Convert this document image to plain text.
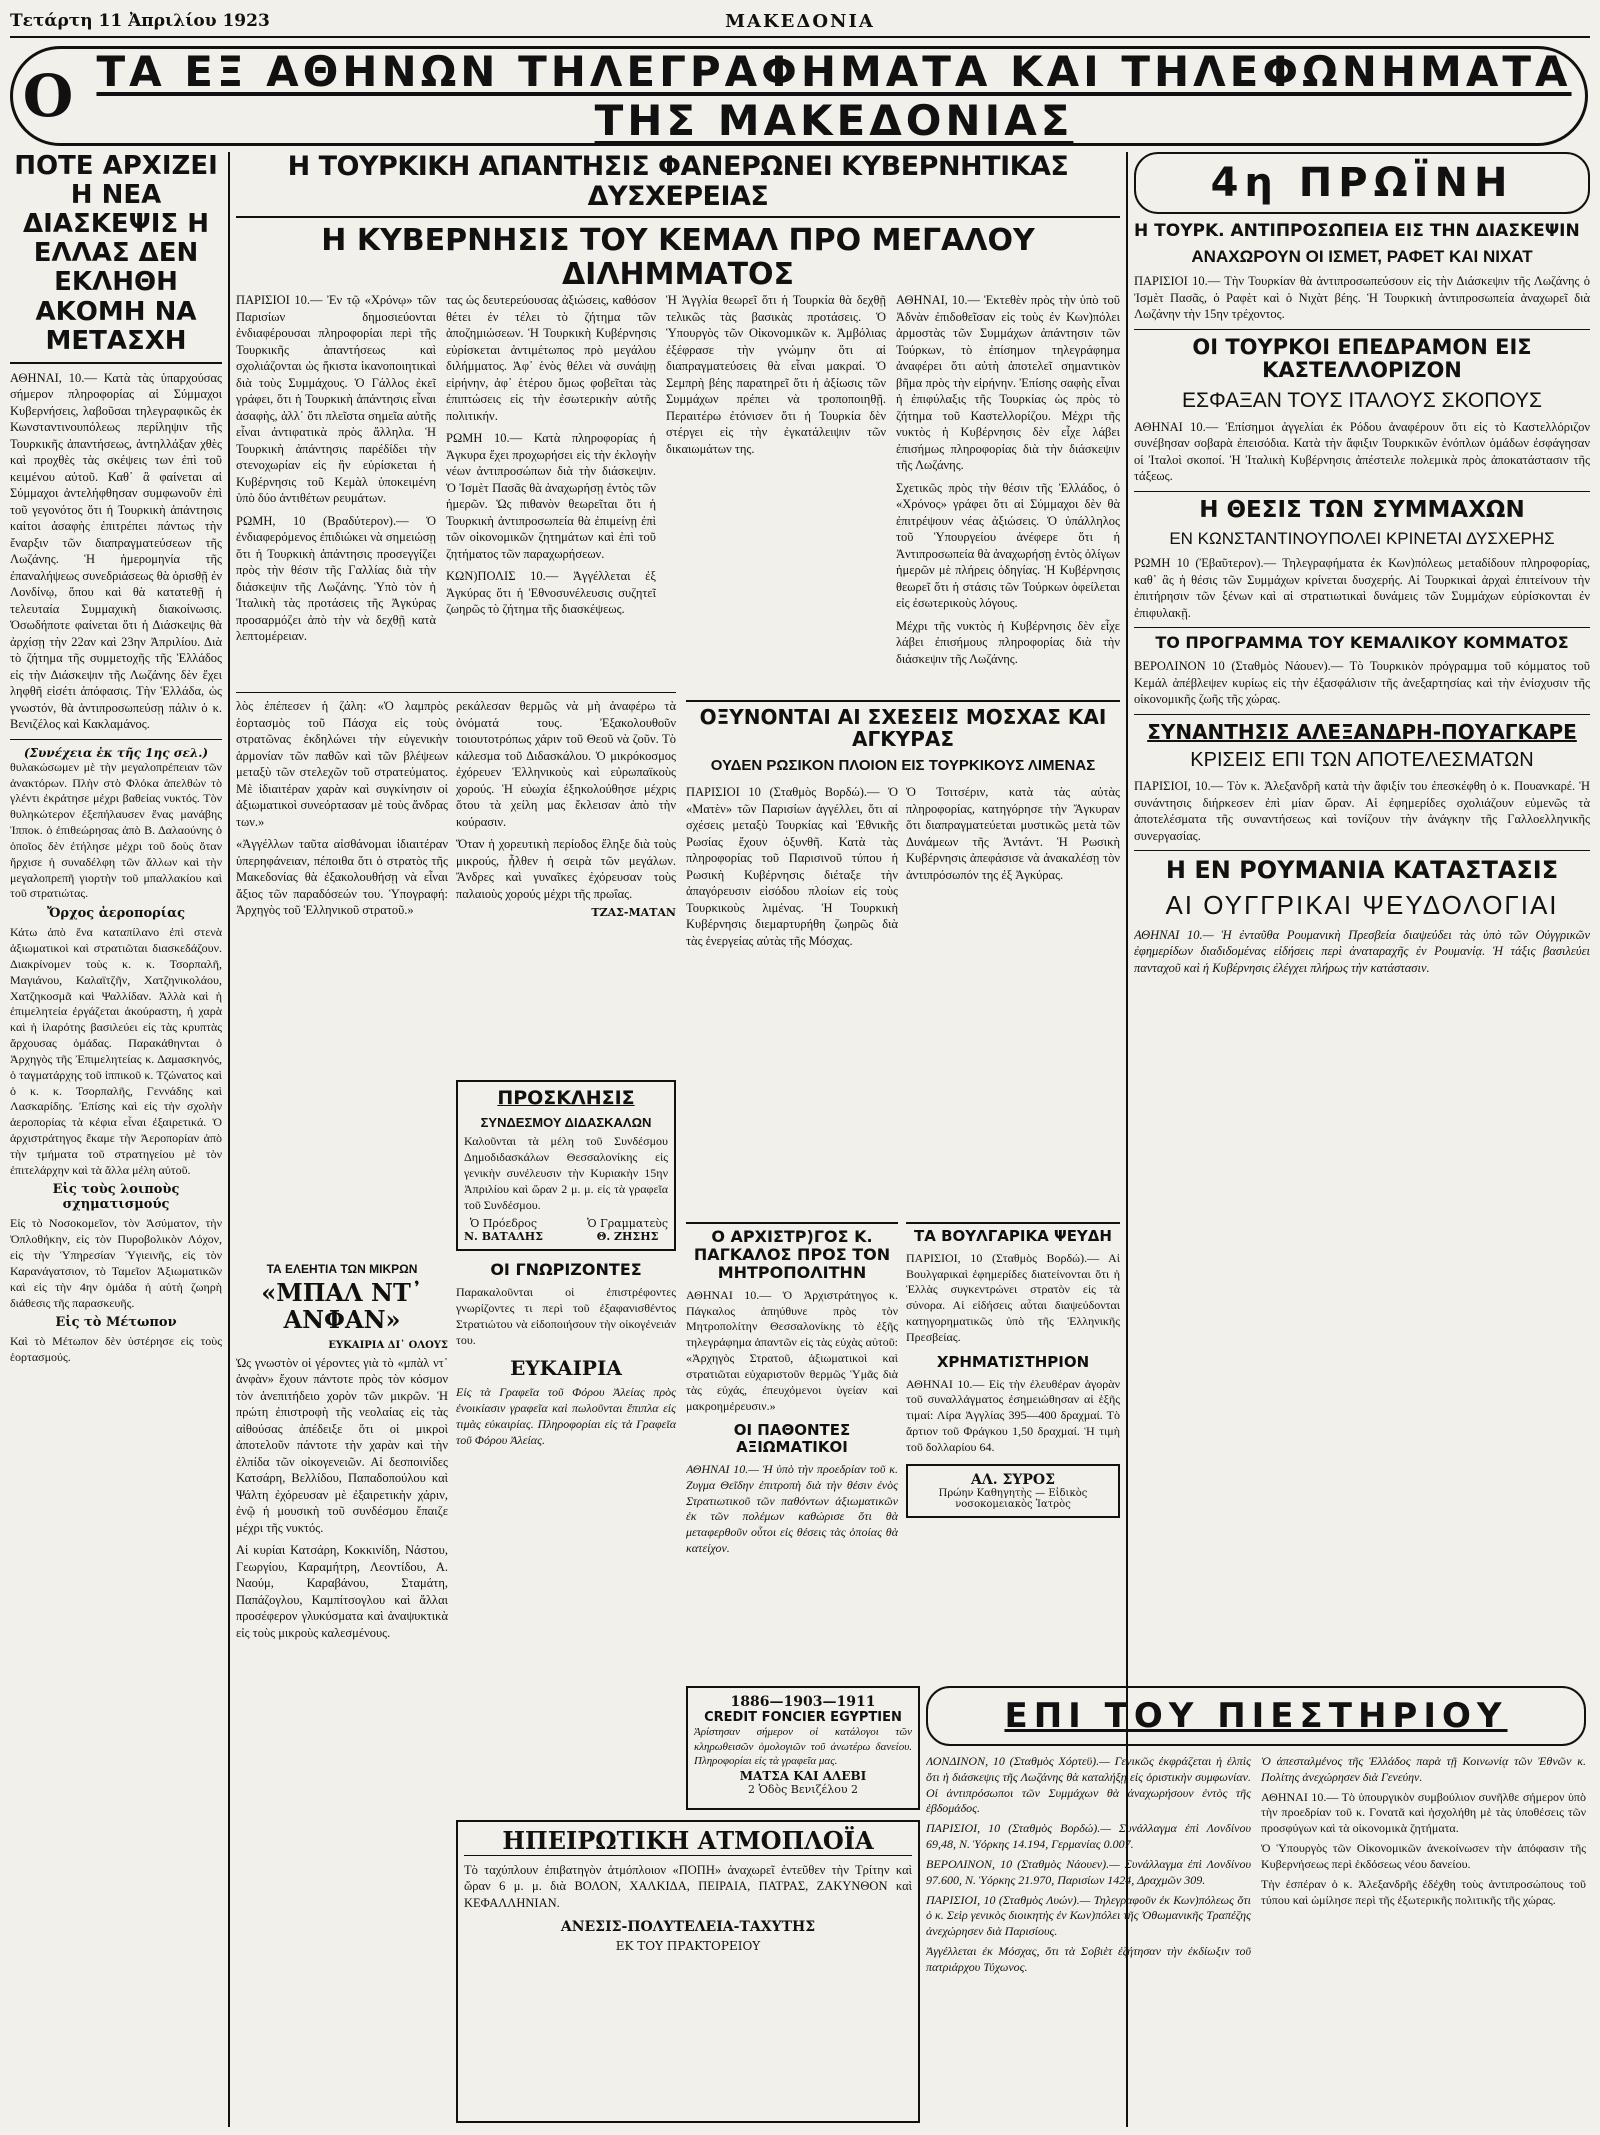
Τετάρτη 11 Ἀπριλίου 1923	ΜΑΚΕΔΟΝΙΑ
Ο ΤΑ ΕΞ ΑΘΗΝΩΝ ΤΗΛΕΓΡΑΦΗΜΑΤΑ ΚΑΙ ΤΗΛΕΦΩΝΗΜΑΤΑ ΤΗΣ ΜΑΚΕΔΟΝΙΑΣ
ΠΟΤΕ ΑΡΧΙΖΕΙ Η ΝΕΑ ΔΙΑΣΚΕΨΙΣ Η ΕΛΛΑΣ ΔΕΝ ΕΚΛΗΘΗ ΑΚΟΜΗ ΝΑ ΜΕΤΑΣΧΗ

ΑΘΗΝΑΙ, 10.— Κατὰ τὰς ὑπαρχούσας σήμερον πληροφορίας αἱ Σύμμαχοι Κυβερνήσεις, λαβοῦσαι τηλεγραφικῶς ἐκ Κωνσταντινουπόλεως περίληψιν τῆς Τουρκικῆς ἀπαντήσεως, ἀντηλλάξαν χθὲς καὶ προχθὲς τὰς σκέψεις των ἐπὶ τοῦ κειμένου αὐτοῦ. Καθ᾽ ἃ φαίνεται αἱ Σύμμαχοι ἀντελήφθησαν συμφωνοῦν ἐπὶ τοῦ γεγονότος ὅτι ἡ Τουρκικὴ ἀπάντησις καίτοι ἀσαφὴς ἐπιτρέπει πάντως τὴν ἔναρξιν τῶν διαπραγματεύσεων τῆς Λωζάνης. Ἡ ἡμερομηνία τῆς ἐπαναλήψεως συνεδριάσεως θὰ ὁρισθῇ ἐν Λονδίνῳ, ὅπου καὶ θὰ κατατεθῇ ἡ τελευταία Συμμαχικὴ διακοίνωσις. Ὁσωδήποτε φαίνεται ὅτι ἡ Διάσκεψις θὰ ἀρχίσῃ τὴν 22αν καὶ 23ην Ἀπριλίου. Διὰ τὸ ζήτημα τῆς συμμετοχῆς τῆς Ἑλλάδος εἰς τὴν Διάσκεψιν τῆς Λωζάνης δὲν ἔχει ληφθῆ εἰσέτι ἀπόφασις. Τὴν Ἑλλάδα, ὡς γνωστόν, θὰ ἀντιπροσωπεύσῃ πάλιν ὁ κ. Βενιζέλος καὶ Κακλαμάνος.

(Συνέχεια ἐκ τῆς 1ης σελ.)

θυλακώσωμεν μὲ τὴν μεγαλοπρέπειαν τῶν ἀνακτόρων. Πλὴν στὸ Φλόκα ἀπελθὼν τὸ γλέντι ἐκράτησε μέχρι βαθείας νυκτός. Τὸν θυληκώτερον ἐξεπήλαυσεν ἕνας μανάβης Ἰπποκ. ὁ ἐπιθεώρησας ἀπὸ Β. Δαλαούνης ὁ ὁποῖος δὲν ἐτήλησε μέχρι τοῦ δοὺς ὅταν ἤρχισε ἡ συναδέλφη τῶν ἄλλων καὶ τὴν μεγαλοπρεπῆ γιορτὴν τοῦ μπαλλακίου καὶ τοῦ στρατιώτας.

Ὄρχος ἀεροπορίας

Κάτω ἀπὸ ἕνα καταπίλανο ἐπὶ στενὰ ἀξιωματικοὶ καὶ στρατιῶται διασκεδάζουν. Διακρίνομεν τοὺς κ. κ. Τσορπαλῆ, Μαγιάνου, Καλαϊτζῆν, Χατζηνικολάου, Χατζηκοσμᾶ καὶ Ψαλλίδαν. Ἀλλὰ καὶ ἡ ἐπιμελητεία ἐργάζεται ἀκούραστη, ἡ χαρὰ καὶ ἡ ἱλαρότης βασιλεύει εἰς τὰς κρυπτὰς ἄρχουσας ὁμάδας. Παρακάθηνται ὁ Ἀρχηγὸς τῆς Ἐπιμελητείας κ. Δαμασκηνός, ὁ ταγματάρχης τοῦ ἱππικοῦ κ. Τζώνατος καὶ ὁ κ. κ. Τσορπαλῆς, Γεννάδης καὶ Λασκαρίδης. Ἐπίσης καὶ εἰς τὴν σχολὴν ἀεροπορίας τὰ κέφια εἶναι ἐξαιρετικά. Ὁ ἀρχιστράτηγος ἔκαμε τὴν Ἀεροπορίαν ἀπὸ τὴν τμήματα τοῦ στρατηγείου μὲ τὸν ἐπιτελάρχην καὶ τὰ ἄλλα μέλη αὐτοῦ.

Εἰς τοὺς λοιποὺς σχηματισμούς

Εἰς τὸ Νοσοκομεῖον, τὸν Ἀσύματον, τὴν Ὀπλοθήκην, εἰς τὸν Πυροβολικὸν Λόχον, εἰς τὴν Ὑπηρεσίαν Ὑγιεινῆς, εἰς τὸν Καρανάγατσιον, τὸ Ταμεῖον Ἀξιωματικῶν καὶ εἰς τὴν 4ην ὁμάδα ἡ αὐτὴ ζωηρὴ διάθεσις τῆς παρασκευῆς.

Εἰς τὸ Μέτωπον

Καὶ τὸ Μέτωπον δὲν ὑστέρησε εἰς τοὺς ἑορτασμούς.

Η ΤΟΥΡΚΙΚΗ ΑΠΑΝΤΗΣΙΣ ΦΑΝΕΡΩΝΕΙ ΚΥΒΕΡΝΗΤΙΚΑΣ ΔΥΣΧΕΡΕΙΑΣ
Η ΚΥΒΕΡΝΗΣΙΣ ΤΟΥ ΚΕΜΑΛ ΠΡΟ ΜΕΓΑΛΟΥ ΔΙΛΗΜΜΑΤΟΣ

ΠΑΡΙΣΙΟΙ 10.— Ἐν τῷ «Χρόνῳ» τῶν Παρισίων δημοσιεύονται ἐνδιαφέρουσαι πληροφορίαι περὶ τῆς Τουρκικῆς ἀπαντήσεως καὶ σχολιάζονται ὡς ἥκιστα ἱκανοποιητικαὶ διὰ τοὺς Συμμάχους. Ὁ Γάλλος ἐκεῖ γράφει, ὅτι ἡ Τουρκικὴ ἀπάντησις εἶναι ἀσαφὴς, ἀλλ᾽ ὅτι πλεῖστα σημεῖα αὐτῆς εἶναι ἀντιφατικὰ πρὸς ἄλληλα. Ἡ Τουρκικὴ ἀπάντησις παρέδίδει τὴν στενοχωρίαν εἰς ἣν εὑρίσκεται ἡ Κυβέρνησις τοῦ Κεμὰλ ὑποκειμένη ὑπὸ δύο ἀντιθέτων ρευμάτων.

ΡΩΜΗ, 10 (Βραδύτερον).— Ὁ ἐνδιαφερόμενος ἐπιδιώκει νὰ σημειώσῃ ὅτι ἡ Τουρκικὴ ἀπάντησις προσεγγίζει πρὸς τὴν θέσιν τῆς Γαλλίας διὰ τὴν διάσκεψιν τῆς Λωζάνης. Ὑπὸ τὸν ἡ Ἰταλικὴ τὰς προτάσεις τῆς Ἀγκύρας προσαρμόζει ἀπὸ τὴν νὰ δεχθῇ κατὰ λεπτομέρειαν.

τας ὡς δευτερεύουσας ἀξιώσεις, καθόσον θέτει ἐν τέλει τὸ ζήτημα τῶν ἀποζημιώσεων. Ἡ Τουρκικὴ Κυβέρνησις εὑρίσκεται ἀντιμέτωπος πρὸ μεγάλου διλήμματος. Ἀφ᾽ ἑνὸς θέλει νὰ συνάψῃ εἰρήνην, ἀφ᾽ ἑτέρου ὅμως φοβεῖται τὰς ἐπιπτώσεις εἰς τὴν ἐσωτερικὴν αὐτῆς πολιτικήν.

ΡΩΜΗ 10.— Κατὰ πληροφορίας ἡ Ἀγκυρα ἔχει προχωρήσει εἰς τὴν ἐκλογὴν νέων ἀντιπροσώπων διὰ τὴν διάσκεψιν. Ὁ Ἰσμὲτ Πασᾶς θὰ ἀναχωρήσῃ ἐντὸς τῶν ἡμερῶν. Ὡς πιθανὸν θεωρεῖται ὅτι ἡ Τουρκικὴ ἀντιπροσωπεία θὰ ἐπιμείνῃ ἐπὶ τῶν οἰκονομικῶν ζητημάτων καὶ ἐπὶ τοῦ ζητήματος τῶν παραχωρήσεων.

ΚΩΝ)ΠΟΛΙΣ 10.— Ἀγγέλλεται ἐξ Ἀγκύρας ὅτι ἡ Ἐθνοσυνέλευσις συζητεῖ ζωηρῶς τὸ ζήτημα τῆς διασκέψεως.

Ἡ Ἀγγλία θεωρεῖ ὅτι ἡ Τουρκία θὰ δεχθῇ τελικῶς τὰς βασικὰς προτάσεις. Ὁ Ὑπουργὸς τῶν Οἰκονομικῶν κ. Ἀμβόλιας ἐξέφρασε τὴν γνώμην ὅτι αἱ διαπραγματεύσεις θὰ εἶναι μακραί. Ὁ Σεμπρὴ βέης παρατηρεῖ ὅτι ἡ ἀξίωσις τῶν Συμμάχων πρέπει νὰ τροποποιηθῇ. Περαιτέρω ἐτόνισεν ὅτι ἡ Τουρκία δὲν στέργει εἰς τὴν ἐγκατάλειψιν τῶν δικαιωμάτων της.

ΑΘΗΝΑΙ, 10.— Ἐκτεθὲν πρὸς τὴν ὑπὸ τοῦ Ἀδνὰν ἐπιδοθεῖσαν εἰς τοὺς ἐν Κων)πόλει ἀρμοστὰς τῶν Συμμάχων ἀπάντησιν τῶν Τούρκων, τὸ ἐπίσημον τηλεγράφημα ἀναφέρει ὅτι αὐτὴ ἀποτελεῖ σημαντικὸν βῆμα πρὸς τὴν εἰρήνην. Ἐπίσης σαφὴς εἶναι ἡ ἐπιφύλαξις τῆς Τουρκίας ὡς πρὸς τὸ ζήτημα τοῦ Καστελλορίζου. Μέχρι τῆς νυκτὸς ἡ Κυβέρνησις δὲν εἶχε λάβει ἐπισήμως πληροφορίας διὰ τὴν διάσκεψιν τῆς Λωζάνης.

Σχετικῶς πρὸς τὴν θέσιν τῆς Ἑλλάδος, ὁ «Χρόνος» γράφει ὅτι αἱ Σύμμαχοι δὲν θὰ ἐπιτρέψουν νέας ἀξιώσεις. Ὁ ὑπάλληλος τοῦ Ὑπουργείου ἀνέφερε ὅτι ἡ Ἀντιπροσωπεία θὰ ἀναχωρήσῃ ἐντὸς ὀλίγων ἡμερῶν μὲ πλήρεις ὁδηγίας. Ἡ Κυβέρνησις θεωρεῖ ὅτι ἡ στάσις τῶν Τούρκων ὀφείλεται εἰς ἐσωτερικοὺς λόγους.

Μέχρι τῆς νυκτὸς ἡ Κυβέρνησις δὲν εἶχε λάβει ἐπισήμους πληροφορίας διὰ τὴν διάσκεψιν τῆς Λωζάνης.

λὸς ἐπέπεσεν ἡ ζάλη: «Ὁ λαμπρὸς ἑορτασμὸς τοῦ Πάσχα εἰς τοὺς στρατῶνας ἐκδηλώνει τὴν εὐγενικὴν ἁρμονίαν τῶν παθῶν καὶ τῶν βλέψεων μεταξὺ τῶν στελεχῶν τοῦ στρατεύματος. Μὲ ἰδιαιτέραν χαρὰν καὶ συγκίνησιν οἱ ἀξιωματικοὶ συνεόρτασαν μὲ τοὺς ἄνδρας των.»

«Ἀγγέλλων ταῦτα αἰσθάνομαι ἰδιαιτέραν ὑπερηφάνειαν, πέποιθα ὅτι ὁ στρατὸς τῆς Μακεδονίας θὰ ἐξακολουθήσῃ νὰ εἶναι ἄξιος τῶν παραδόσεών του. Ὑπογραφή: Ἀρχηγὸς τοῦ Ἑλληνικοῦ στρατοῦ.»

ρεκάλεσαν θερμῶς νὰ μὴ ἀναφέρω τὰ ὀνόματά τους. Ἐξακολουθοῦν τοιουτοτρόπως χάριν τοῦ Θεοῦ νὰ ζοῦν. Τὸ κάλεσμα τοῦ Διδασκάλου. Ὁ μικρόκοσμος ἐχόρευεν Ἑλληνικοὺς καὶ εὐρωπαϊκοὺς χορούς. Ἡ εὐωχία ἐξηκολούθησε μέχρις ὅτου τὰ χείλη μας ἔκλεισαν ἀπὸ τὴν κούρασιν.

Ὅταν ἡ χορευτικὴ περίοδος ἔληξε διὰ τοὺς μικρούς, ἦλθεν ἡ σειρὰ τῶν μεγάλων. Ἄνδρες καὶ γυναῖκες ἐχόρευσαν τοὺς παλαιοὺς χορούς μέχρι τῆς πρωΐας.

ΤΖΑΣ-ΜΑΤΑΝ
ΤΑ ΕΛΕΗΤΙΑ ΤΩΝ ΜΙΚΡΩΝ
«ΜΠΑΛ ΝΤ᾽ ΑΝΦΑΝ»
ΕΥΚΑΙΡΙΑ ΔΙ᾽ ΟΛΟΥΣ

Ὡς γνωστὸν οἱ γέροντες γιὰ τὸ «μπὰλ ντ᾽ ἀνφὰν» ἔχουν πάντοτε πρὸς τὸν κόσμον τὸν ἀνεπιτήδειο χορὸν τῶν μικρῶν. Ἡ πρώτη ἐπιστροφὴ τῆς νεολαίας εἰς τὰς αἰθούσας ἀπέδειξε ὅτι οἱ μικροὶ ἀποτελοῦν πάντοτε τὴν χαρὰν καὶ τὴν ἐλπίδα τῶν οἰκογενειῶν. Αἱ δεσποινίδες Κατσάρη, Βελλίδου, Παπαδοπούλου καὶ Ψάλτη ἐχόρευσαν μὲ ἐξαιρετικὴν χάριν, ἐνῷ ἡ μουσικὴ τοῦ συνδέσμου ἔπαιζε μέχρι τῆς νυκτός.

Αἱ κυρίαι Κατσάρη, Κοκκινίδη, Νάστου, Γεωργίου, Καραμήτρη, Λεοντίδου, Α. Ναούμ, Καραβάνου, Σταμάτη, Παπάζογλου, Καμπίτσογλου καὶ ἄλλαι προσέφερον γλυκύσματα καὶ ἀναψυκτικὰ εἰς τοὺς μικροὺς καλεσμένους.

ΠΡΟΣΚΛΗΣΙΣ
ΣΥΝΔΕΣΜΟΥ ΔΙΔΑΣΚΑΛΩΝ

Καλοῦνται τὰ μέλη τοῦ Συνδέσμου Δημοδιδασκάλων Θεσσαλονίκης εἰς γενικὴν συνέλευσιν τὴν Κυριακὴν 15ην Ἀπριλίου καὶ ὥραν 2 μ. μ. εἰς τὰ γραφεῖα τοῦ Συνδέσμου.

Ὁ Πρόεδρος
Ν. ΒΑΤΑΛΗΣ
Ὁ Γραμματεὺς
Θ. ΖΗΣΗΣ
ΟΙ ΓΝΩΡΙΖΟΝΤΕΣ

Παρακαλοῦνται οἱ ἐπιστρέφοντες γνωρίζοντες τι περὶ τοῦ ἐξαφανισθέντος Στρατιώτου νὰ εἰδοποιήσουν τὴν οἰκογένειάν του.

ΕΥΚΑΙΡΙΑ

Εἰς τὰ Γραφεῖα τοῦ Φόρου Ἀλείας πρὸς ἐνοικίασιν γραφεῖα καὶ πωλοῦνται ἔπιπλα εἰς τιμὰς εὐκαιρίας. Πληροφορίαι εἰς τὰ Γραφεῖα τοῦ Φόρου Ἀλείας.

ΟΞΥΝΟΝΤΑΙ ΑΙ ΣΧΕΣΕΙΣ ΜΟΣΧΑΣ ΚΑΙ ΑΓΚΥΡΑΣ
ΟΥΔΕΝ ΡΩΣΙΚΟΝ ΠΛΟΙΟΝ ΕΙΣ ΤΟΥΡΚΙΚΟΥΣ ΛΙΜΕΝΑΣ

ΠΑΡΙΣΙΟΙ 10 (Σταθμὸς Βορδώ).— Ὁ «Ματὲν» τῶν Παρισίων ἀγγέλλει, ὅτι αἱ σχέσεις μεταξὺ Τουρκίας καὶ Ἐθνικῆς Ρωσίας ἔχουν ὀξυνθῆ. Κατὰ τὰς πληροφορίας τοῦ Παρισινοῦ τύπου ἡ Ρωσικὴ Κυβέρνησις διέταξε τὴν ἀπαγόρευσιν εἰσόδου πλοίων εἰς τοὺς Τουρκικοὺς λιμένας. Ἡ Τουρκικὴ Κυβέρνησις διεμαρτυρήθη ζωηρῶς διὰ τὰς ἐνεργείας αὐτὰς τῆς Μόσχας.

Ὁ Τσιτσέριν, κατὰ τὰς αὐτὰς πληροφορίας, κατηγόρησε τὴν Ἄγκυραν ὅτι διαπραγματεύεται μυστικῶς μετὰ τῶν Δυνάμεων τῆς Ἀντάντ. Ἡ Ρωσικὴ Κυβέρνησις ἀπεφάσισε νὰ ἀνακαλέσῃ τὸν ἀντιπρόσωπόν της ἐξ Ἀγκύρας.

Ο ΑΡΧΙΣΤΡ)ΓΟΣ Κ. ΠΑΓΚΑΛΟΣ ΠΡΟΣ ΤΟΝ ΜΗΤΡΟΠΟΛΙΤΗΝ

ΑΘΗΝΑΙ 10.— Ὁ Ἀρχιστράτηγος κ. Πάγκαλος ἀπηύθυνε πρὸς τὸν Μητροπολίτην Θεσσαλονίκης τὸ ἑξῆς τηλεγράφημα ἀπαντῶν εἰς τὰς εὐχὰς αὐτοῦ: «Ἀρχηγὸς Στρατοῦ, ἀξιωματικοὶ καὶ στρατιῶται εὐχαριστοῦν θερμῶς Ὑμᾶς διὰ τὰς εὐχάς, ἐπευχόμενοι ὑγείαν καὶ μακροημέρευσιν.»

ΟΙ ΠΑΘΟΝΤΕΣ ΑΞΙΩΜΑΤΙΚΟΙ

ΑΘΗΝΑΙ 10.— Ἡ ὑπὸ τὴν προεδρίαν τοῦ κ. Ζυγμα Θεῖδην ἐπιτροπὴ διὰ τὴν θέσιν ἐνὸς Στρατιωτικοῦ τῶν παθόντων ἀξιωματικῶν ἐκ τῶν πολέμων καθώρισε ὅτι θὰ μεταφερθοῦν οὗτοι εἰς θέσεις τὰς ὁποίας θὰ κατείχον.

ΤΑ ΒΟΥΛΓΑΡΙΚΑ ΨΕΥΔΗ

ΠΑΡΙΣΙΟΙ, 10 (Σταθμὸς Βορδώ).— Αἱ Βουλγαρικαὶ ἐφημερίδες διατείνονται ὅτι ἡ Ἑλλὰς συγκεντρώνει στρατὸν εἰς τὰ σύνορα. Αἱ εἰδήσεις αὗται διαψεύδονται κατηγορηματικῶς ὑπὸ τῆς Ἑλληνικῆς Πρεσβείας.

ΧΡΗΜΑΤΙΣΤΗΡΙΟΝ

ΑΘΗΝΑΙ 10.— Εἰς τὴν ἐλευθέραν ἀγορὰν τοῦ συναλλάγματος ἐσημειώθησαν αἱ ἑξῆς τιμαί: Λίρα Ἀγγλίας 395—400 δραχμαί. Τὸ ἄρτιον τοῦ Φράγκου 1,50 δραχμαί. Ἡ τιμὴ τοῦ δολλαρίου 64.

ΑΛ. ΣΥΡΟΣ
Πρώην Καθηγητὴς — Εἰδικὸς νοσοκομειακὸς Ἰατρὸς
1886—1903—1911
CREDIT FONCIER EGYPTIEN

Ἀρίστησαν σήμερον οἱ κατάλογοι τῶν κληρωθεισῶν ὁμολογιῶν τοῦ ἀνωτέρω δανείου. Πληροφορίαι εἰς τὰ γραφεῖα μας.

ΜΑΤΣΑ ΚΑΙ ΑΛΕΒΙ
2 Ὁδὸς Βενιζέλου 2
ΗΠΕΙΡΩΤΙΚΗ ΑΤΜΟΠΛΟΪΑ

Τὸ ταχύπλουν ἐπιβατηγὸν ἀτμόπλοιον «ΠΟΠΗ» ἀναχωρεῖ ἐντεῦθεν τὴν Τρίτην καὶ ὥραν 6 μ. μ. διὰ ΒΟΛΟΝ, ΧΑΛΚΙΔΑ, ΠΕΙΡΑΙΑ, ΠΑΤΡΑΣ, ΖΑΚΥΝΘΟΝ καὶ ΚΕΦΑΛΛΗΝΙΑΝ.

ΑΝΕΣΙΣ-ΠΟΛΥΤΕΛΕΙΑ-ΤΑΧΥΤΗΣ
ΕΚ ΤΟΥ ΠΡΑΚΤΟΡΕΙΟΥ
ΕΠΙ ΤΟΥ ΠΙΕΣΤΗΡΙΟΥ

ΛΟΝΔΙΝΟΝ, 10 (Σταθμὸς Χόρτεϋ).— Γενικῶς ἐκφράζεται ἡ ἐλπὶς ὅτι ἡ διάσκεψις τῆς Λωζάνης θὰ καταλήξῃ εἰς ὁριστικὴν συμφωνίαν. Οἱ ἀντιπρόσωποι τῶν Συμμάχων θὰ ἀναχωρήσουν ἐντὸς τῆς ἑβδομάδος.

ΠΑΡΙΣΙΟΙ, 10 (Σταθμὸς Βορδώ).— Συνάλλαγμα ἐπὶ Λονδίνου 69,48, Ν. Ὑόρκης 14.194, Γερμανίας 0.007.

ΒΕΡΟΛΙΝΟΝ, 10 (Σταθμὸς Νάουεν).— Συνάλλαγμα ἐπὶ Λονδίνου 97.600, Ν. Ὑόρκης 21.970, Παρισίων 1424, Δραχμῶν 309.

ΠΑΡΙΣΙΟΙ, 10 (Σταθμὸς Λυών).— Τηλεγραφοῦν ἐκ Κων)πόλεως ὅτι ὁ κ. Σεὶρ γενικὸς διοικητὴς ἐν Κων)πόλει τῆς Ὀθωμανικῆς Τραπέζης ἀνεχώρησεν διὰ Παρισίους.

Ἀγγέλλεται ἐκ Μόσχας, ὅτι τὰ Σοβιὲτ ἐζήτησαν τὴν ἐκδίωξιν τοῦ πατριάρχου Τύχωνος.

Ὁ ἀπεσταλμένος τῆς Ἑλλάδος παρὰ τῇ Κοινωνίᾳ τῶν Ἐθνῶν κ. Πολίτης ἀνεχώρησεν διὰ Γενεύην.

ΑΘΗΝΑΙ 10.— Τὸ ὑπουργικὸν συμβούλιον συνῆλθε σήμερον ὑπὸ τὴν προεδρίαν τοῦ κ. Γονατᾶ καὶ ἠσχολήθη μὲ τὰς ὑποθέσεις τῶν προσφύγων καὶ τὰ οἰκονομικὰ ζητήματα.

Ὁ Ὑπουργὸς τῶν Οἰκονομικῶν ἀνεκοίνωσεν τὴν ἀπόφασιν τῆς Κυβερνήσεως περὶ ἐκδόσεως νέου δανείου.

Τὴν ἐσπέραν ὁ κ. Ἀλεξανδρῆς ἐδέχθη τοὺς ἀντιπροσώπους τοῦ τύπου καὶ ὡμίλησε περὶ τῆς ἐξωτερικῆς πολιτικῆς τῆς χώρας.

4η ΠΡΩΪΝΗ
Η ΤΟΥΡΚ. ΑΝΤΙΠΡΟΣΩΠΕΙΑ ΕΙΣ ΤΗΝ ΔΙΑΣΚΕΨΙΝ
ΑΝΑΧΩΡΟΥΝ ΟΙ ΙΣΜΕΤ, ΡΑΦΕΤ ΚΑΙ ΝΙΧΑΤ

ΠΑΡΙΣΙΟΙ 10.— Τὴν Τουρκίαν θὰ ἀντιπροσωπεύσουν εἰς τὴν Διάσκεψιν τῆς Λωζάνης ὁ Ἰσμὲτ Πασᾶς, ὁ Ραφὲτ καὶ ὁ Νιχὰτ βέης. Ἡ Τουρκικὴ ἀντιπροσωπεία ἀναχωρεῖ διὰ Λωζάνην τὴν 15ην τρέχοντος.

ΟΙ ΤΟΥΡΚΟΙ ΕΠΕΔΡΑΜΟΝ ΕΙΣ ΚΑΣΤΕΛΛΟΡΙΖΟΝ
ΕΣΦΑΞΑΝ ΤΟΥΣ ΙΤΑΛΟΥΣ ΣΚΟΠΟΥΣ

ΑΘΗΝΑΙ 10.— Ἐπίσημοι ἀγγελίαι ἐκ Ρόδου ἀναφέρουν ὅτι εἰς τὸ Καστελλόριζον συνέβησαν σοβαρὰ ἐπεισόδια. Κατὰ τὴν ἄφιξιν Τουρκικῶν ἐνόπλων ὁμάδων ἐσφάγησαν οἱ Ἰταλοὶ σκοποί. Ἡ Ἰταλικὴ Κυβέρνησις ἀπέστειλε πολεμικὰ πρὸς ἀποκατάστασιν τῆς τάξεως.

Η ΘΕΣΙΣ ΤΩΝ ΣΥΜΜΑΧΩΝ
ΕΝ ΚΩΝΣΤΑΝΤΙΝΟΥΠΟΛΕΙ ΚΡΙΝΕΤΑΙ ΔΥΣΧΕΡΗΣ

ΡΩΜΗ 10 (Ἐβαῦτερον).— Τηλεγραφήματα ἐκ Κων)πόλεως μεταδίδουν πληροφορίας, καθ᾽ ἃς ἡ θέσις τῶν Συμμάχων κρίνεται δυσχερής. Αἱ Τουρκικαὶ ἀρχαὶ ἐπιτείνουν τὴν ἐπιτήρησιν τῶν ξένων καὶ αἱ στρατιωτικαὶ δυνάμεις τῶν Συμμάχων εὑρίσκονται ἐν ἐπιφυλακῇ.

ΤΟ ΠΡΟΓΡΑΜΜΑ ΤΟΥ ΚΕΜΑΛΙΚΟΥ ΚΟΜΜΑΤΟΣ

ΒΕΡΟΛΙΝΟΝ 10 (Σταθμὸς Νάουεν).— Τὸ Τουρκικὸν πρόγραμμα τοῦ κόμματος τοῦ Κεμάλ ἀπέβλεψεν κυρίως εἰς τὴν ἐξασφάλισιν τῆς ἀνεξαρτησίας καὶ τὴν ἐνίσχυσιν τῆς οἰκονομικῆς ζωῆς τῆς χώρας.

ΣΥΝΑΝΤΗΣΙΣ ΑΛΕΞΑΝΔΡΗ-ΠΟΥΑΓΚΑΡΕ
ΚΡΙΣΕΙΣ ΕΠΙ ΤΩΝ ΑΠΟΤΕΛΕΣΜΑΤΩΝ

ΠΑΡΙΣΙΟΙ, 10.— Τὸν κ. Ἀλεξανδρῆ κατὰ τὴν ἄφιξίν του ἐπεσκέφθη ὁ κ. Πουανκαρέ. Ἡ συνάντησις διήρκεσεν ἐπὶ μίαν ὥραν. Αἱ ἐφημερίδες σχολιάζουν εὐμενῶς τὰ ἀποτελέσματα τῆς συναντήσεως καὶ τονίζουν τὴν ἀνάγκην τῆς Γαλλοελληνικῆς συνεργασίας.

Η ΕΝ ΡΟΥΜΑΝΙΑ ΚΑΤΑΣΤΑΣΙΣ
ΑΙ ΟΥΓΓΡΙΚΑΙ ΨΕΥΔΟΛΟΓΙΑΙ

ΑΘΗΝΑΙ 10.— Ἡ ἐνταῦθα Ρουμανικὴ Πρεσβεία διαψεύδει τὰς ὑπὸ τῶν Οὐγγρικῶν ἐφημερίδων διαδιδομένας εἰδήσεις περὶ ἀναταραχῆς ἐν Ρουμανίᾳ. Ἡ τάξις βασιλεύει πανταχοῦ καὶ ἡ Κυβέρνησις ἐλέγχει πλήρως τὴν κατάστασιν.
